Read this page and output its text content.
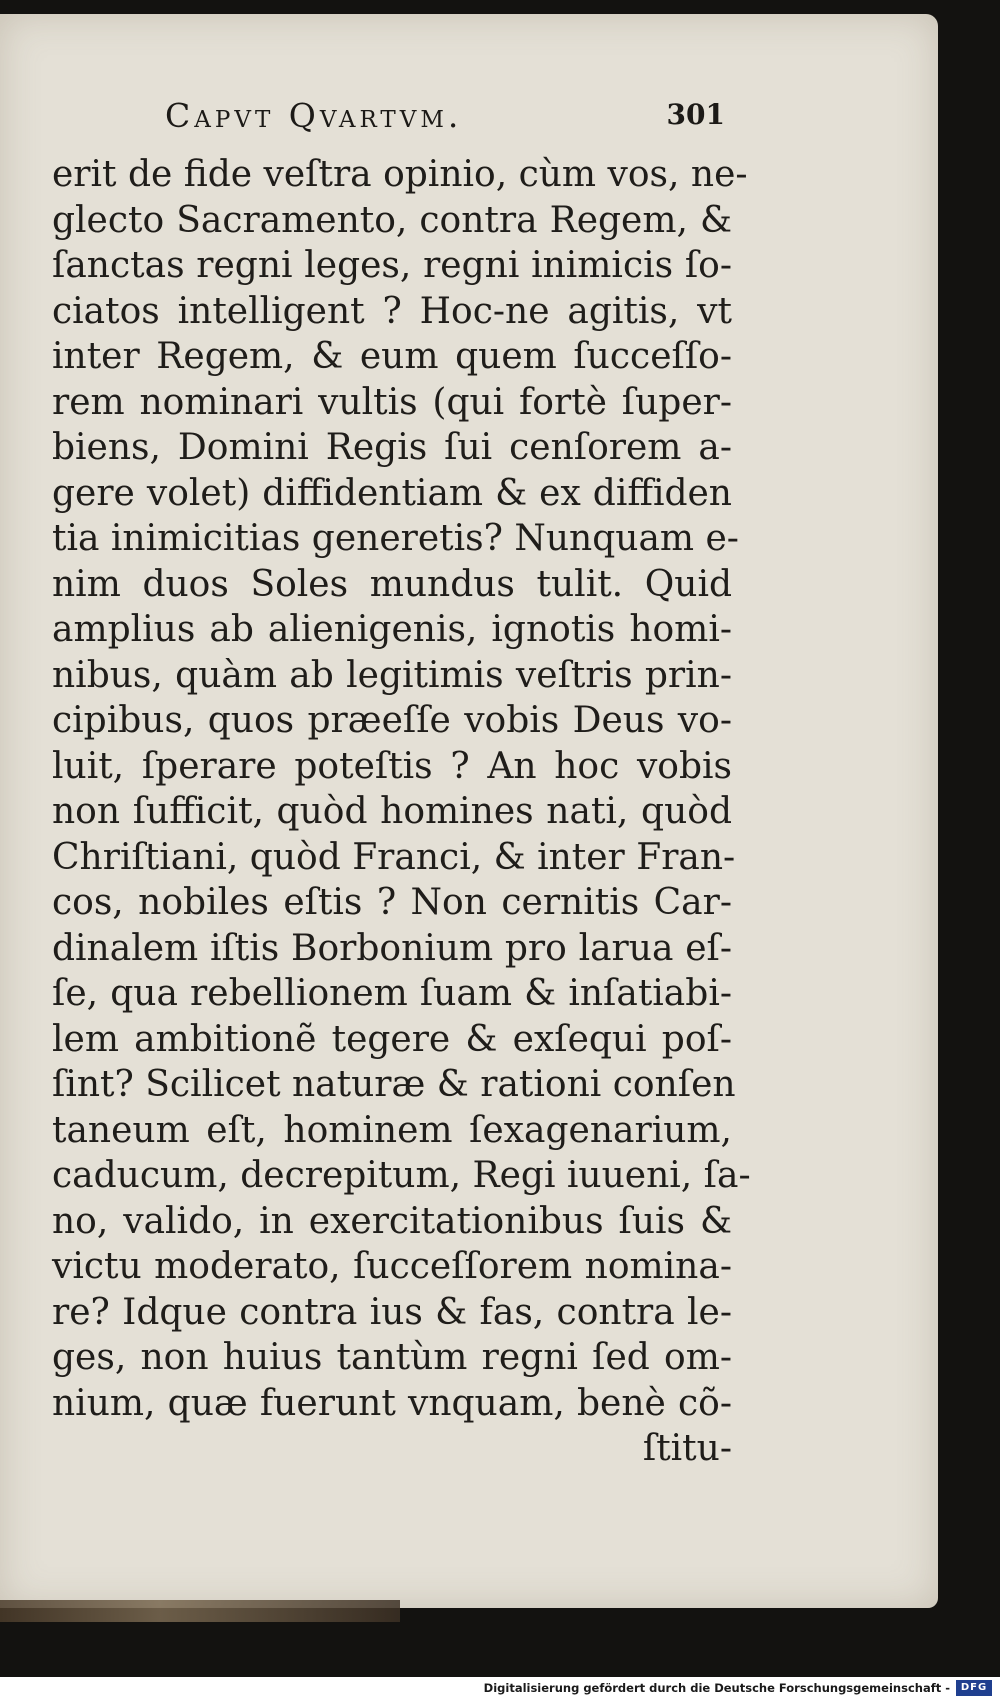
Capvt Qvartvm.	301
erit de fide veſtra opinio, cùm vos, ne-
glecto Sacramento, contra Regem, &
ſanctas regni leges, regni inimicis ſo-
ciatos intelligent ? Hoc-ne agitis, vt
inter Regem, & eum quem ſucceſſo-
rem nominari vultis (qui fortè ſuper-
biens, Domini Regis ſui cenſorem a-
gere volet) diffidentiam & ex diffiden
tia inimicitias generetis? Nunquam e-
nim duos Soles mundus tulit. Quid
amplius ab alienigenis, ignotis homi-
nibus, quàm ab legitimis veſtris prin-
cipibus, quos præeſſe vobis Deus vo-
luit, ſperare poteſtis ? An hoc vobis
non ſufficit, quòd homines nati, quòd
Chriſtiani, quòd Franci, & inter Fran-
cos, nobiles eſtis ? Non cernitis Car-
dinalem iſtis Borbonium pro larua eſ-
ſe, qua rebellionem ſuam & inſatiabi-
lem ambitionẽ tegere & exſequi poſ-
ſint? Scilicet naturæ & rationi conſen
taneum eſt, hominem ſexagenarium,
caducum, decrepitum, Regi iuueni, ſa-
no, valido, in exercitationibus ſuis &
victu moderato, ſucceſſorem nomina-
re? Idque contra ius & fas, contra le-
ges, non huius tantùm regni ſed om-
nium, quæ fuerunt vnquam, benè cõ-
ſtitu-
Digitalisierung gefördert durch die Deutsche Forschungsgemeinschaft -	DFG
